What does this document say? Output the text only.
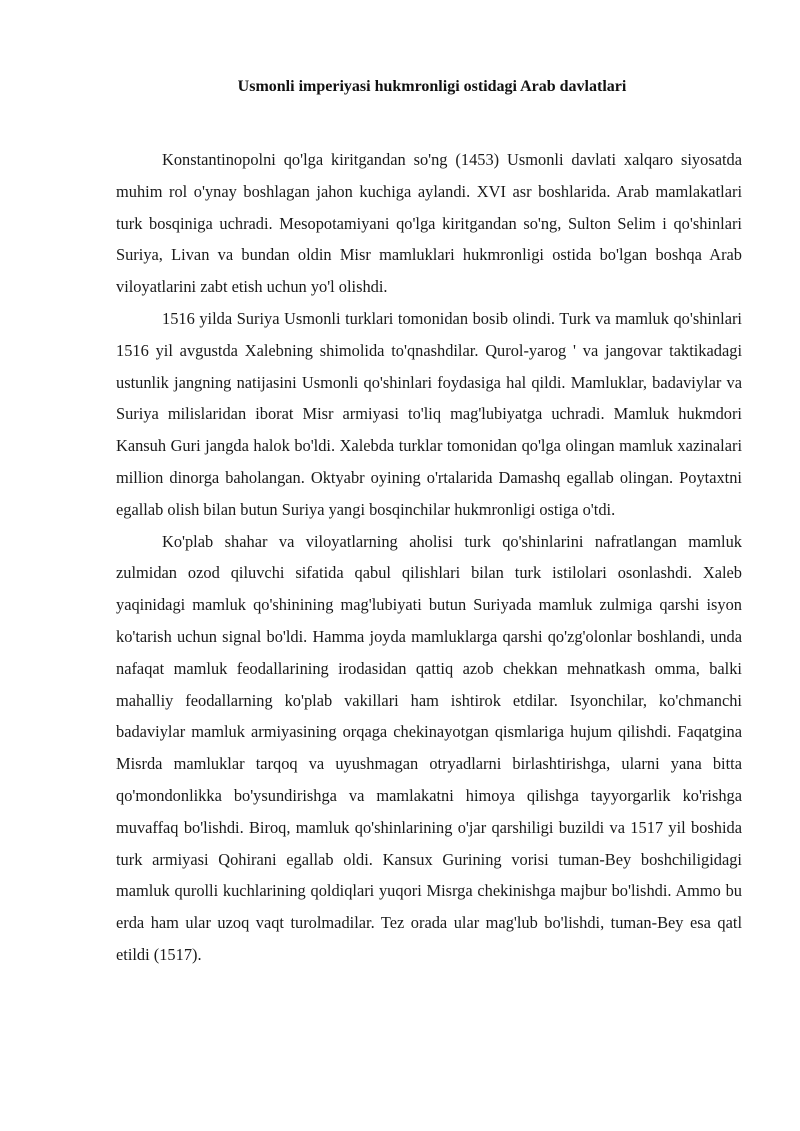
Usmonli imperiyasi hukmronligi ostidagi Arab davlatlari

Konstantinopolni qo'lga kiritgandan so'ng (1453) Usmonli davlati xalqaro siyosatda muhim rol o'ynay boshlagan jahon kuchiga aylandi. XVI asr boshlarida. Arab mamlakatlari turk bosqiniga uchradi. Mesopotamiyani qo'lga kiritgandan so'ng, Sulton Selim i qo'shinlari Suriya, Livan va bundan oldin Misr mamluklari hukmronligi ostida bo'lgan boshqa Arab viloyatlarini zabt etish uchun yo'l olishdi.

1516 yilda Suriya Usmonli turklari tomonidan bosib olindi. Turk va mamluk qo'shinlari 1516 yil avgustda Xalebning shimolida to'qnashdilar. Qurol-yarog ' va jangovar taktikadagi ustunlik jangning natijasini Usmonli qo'shinlari foydasiga hal qildi. Mamluklar, badaviylar va Suriya milislaridan iborat Misr armiyasi to'liq mag'lubiyatga uchradi. Mamluk hukmdori Kansuh Guri jangda halok bo'ldi. Xalebda turklar tomonidan qo'lga olingan mamluk xazinalari million dinorga baholangan. Oktyabr oyining o'rtalarida Damashq egallab olingan. Poytaxtni egallab olish bilan butun Suriya yangi bosqinchilar hukmronligi ostiga o'tdi.

Ko'plab shahar va viloyatlarning aholisi turk qo'shinlarini nafratlangan mamluk zulmidan ozod qiluvchi sifatida qabul qilishlari bilan turk istilolari osonlashdi. Xaleb yaqinidagi mamluk qo'shinining mag'lubiyati butun Suriyada mamluk zulmiga qarshi isyon ko'tarish uchun signal bo'ldi. Hamma joyda mamluklarga qarshi qo'zg'olonlar boshlandi, unda nafaqat mamluk feodallarining irodasidan qattiq azob chekkan mehnatkash omma, balki mahalliy feodallarning ko'plab vakillari ham ishtirok etdilar. Isyonchilar, ko'chmanchi badaviylar mamluk armiyasining orqaga chekinayotgan qismlariga hujum qilishdi. Faqatgina Misrda mamluklar tarqoq va uyushmagan otryadlarni birlashtirishga, ularni yana bitta qo'mondonlikka bo'ysundirishga va mamlakatni himoya qilishga tayyorgarlik ko'rishga muvaffaq bo'lishdi. Biroq, mamluk qo'shinlarining o'jar qarshiligi buzildi va 1517 yil boshida turk armiyasi Qohirani egallab oldi. Kansux Gurining vorisi tuman-Bey boshchiligidagi mamluk qurolli kuchlarining qoldiqlari yuqori Misrga chekinishga majbur bo'lishdi. Ammo bu erda ham ular uzoq vaqt turolmadilar. Tez orada ular mag'lub bo'lishdi, tuman-Bey esa qatl etildi (1517).
